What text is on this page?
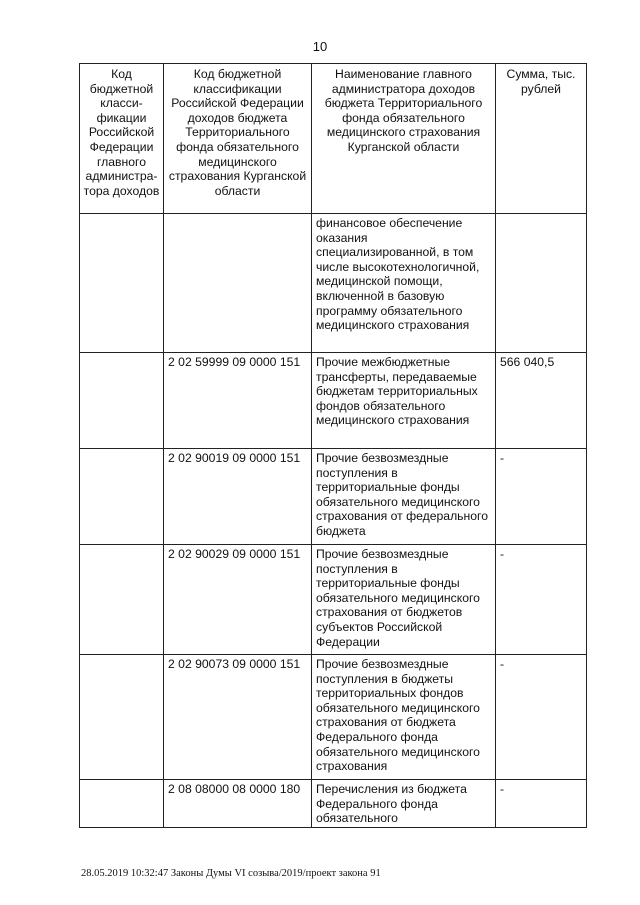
10
Код бюджетной класси-фикации Российской Федерации главного администра-тора доходов	Код бюджетной классификации Российской Федерации доходов бюджета Территориального фонда обязательного медицинского страхования Курганской области	Наименование главного администратора доходов бюджета Территориального фонда обязательного медицинского страхования Курганской области	Сумма, тыс. рублей
		финансовое обеспечение оказания специализированной, в том числе высокотехнологичной, медицинской помощи, включенной в базовую программу обязательного медицинского страхования	
	2 02 59999 09 0000 151	Прочие межбюджетные трансферты, передаваемые бюджетам территориальных фондов обязательного медицинского страхования	566 040,5
	2 02 90019 09 0000 151	Прочие безвозмездные поступления в территориальные фонды обязательного медицинского страхования от федерального бюджета	-
	2 02 90029 09 0000 151	Прочие безвозмездные поступления в территориальные фонды обязательного медицинского страхования от бюджетов субъектов Российской Федерации	-
	2 02 90073 09 0000 151	Прочие безвозмездные поступления в бюджеты территориальных фондов обязательного медицинского страхования от бюджета Федерального фонда обязательного медицинского страхования	-
	2 08 08000 08 0000 180	Перечисления из бюджета Федерального фонда обязательного	-
28.05.2019 10:32:47 Законы Думы VI созыва/2019/проект закона 91
